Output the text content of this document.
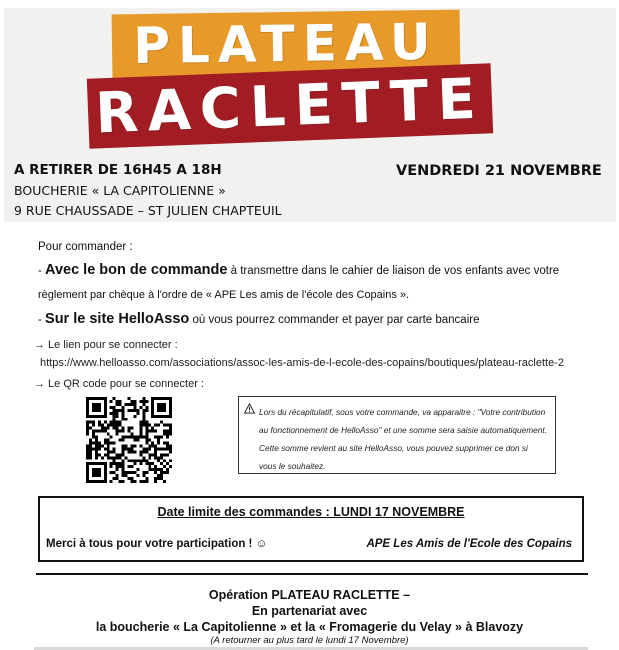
PLATEAU
RACLETTE
A RETIRER DE 16H45 A 18H
BOUCHERIE « LA CAPITOLIENNE »
9 RUE CHAUSSADE – ST JULIEN CHAPTEUIL
VENDREDI 21 NOVEMBRE
Pour commander :
- Avec le bon de commande à transmettre dans le cahier de liaison de vos enfants avec votre
règlement par chèque à l'ordre de « APE Les amis de l'école des Copains ».
- Sur le site HelloAsso où vous pourrez commander et payer par carte bancaire
→ Le lien pour se connecter :
https://www.helloasso.com/associations/assoc-les-amis-de-l-ecole-des-copains/boutiques/plateau-raclette-2
→ Le QR code pour se connecter :
Lors du récapitulatif, sous votre commande, va apparaitre : "Votre contribution au fonctionnement de HelloAsso" et une somme sera saisie automatiquement. Cette somme revient au site HelloAsso, vous pouvez supprimer ce don si vous le souhaitez.
Date limite des commandes : LUNDI 17 NOVEMBRE
Merci à tous pour votre participation ! ☺	APE Les Amis de l'Ecole des Copains
Opération PLATEAU RACLETTE –
En partenariat avec
la boucherie « La Capitolienne » et la « Fromagerie du Velay » à Blavozy
(A retourner au plus tard le lundi 17 Novembre)
